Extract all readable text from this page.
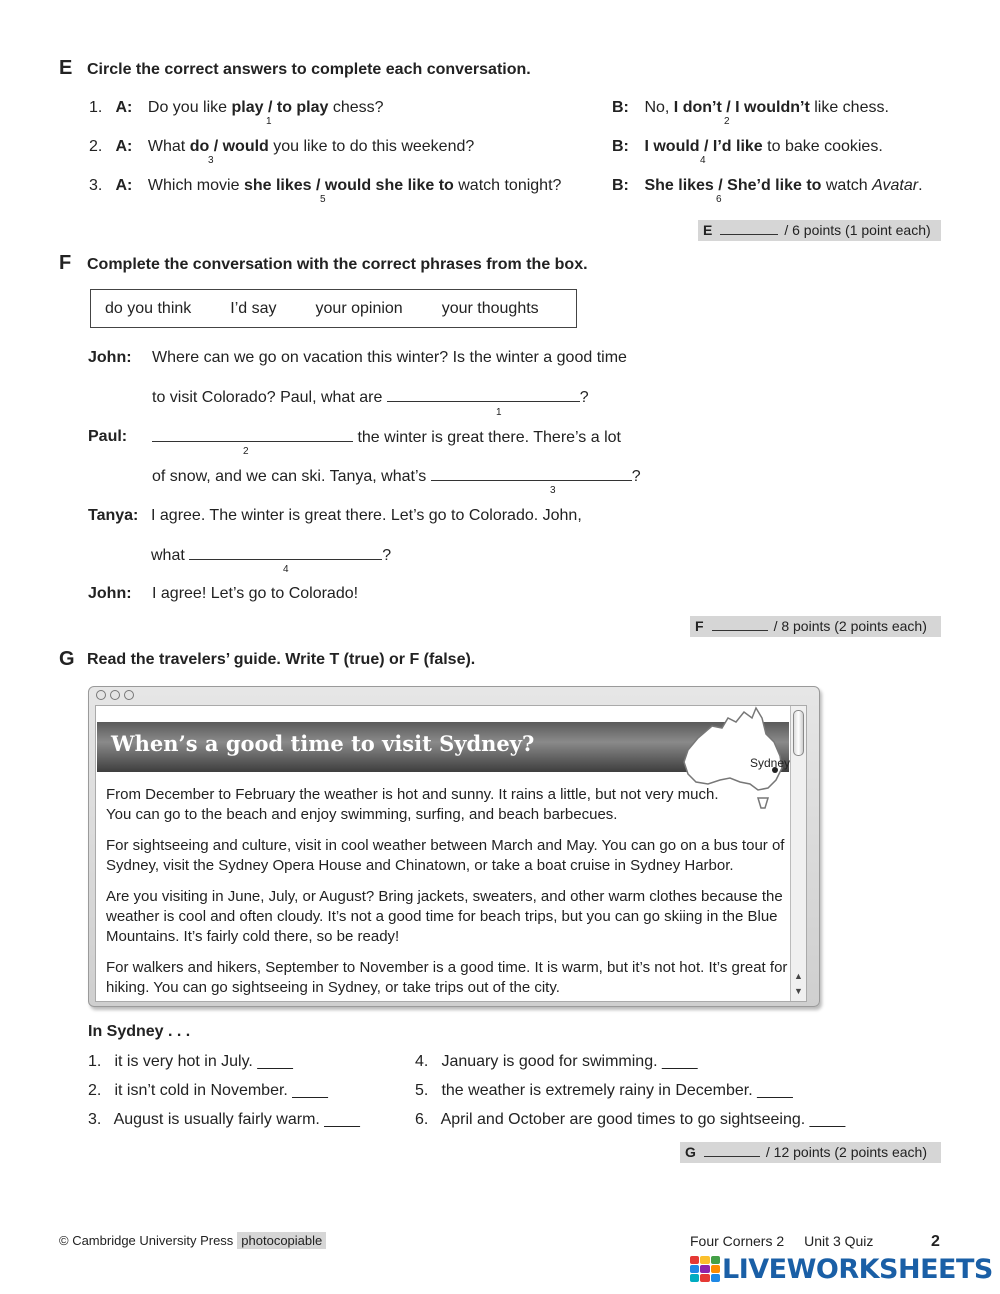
E Circle the correct answers to complete each conversation.
1. A: Do you like play / to play chess?
1
B: No, I don’t / I wouldn’t like chess.
2
2. A: What do / would you like to do this weekend?
3
B: I would / I’d like to bake cookies.
4
3. A: Which movie she likes / would she like to watch tonight?
5
B: She likes / She’d like to watch Avatar.
6
E	/ 6 points (1 point each)
F Complete the conversation with the correct phrases from the box.
do you think I’d say your opinion your thoughts
John: Where can we go on vacation this winter? Is the winter a good time
to visit Colorado? Paul, what are	?
1
Paul:	the winter is great there. There’s a lot
2
of snow, and we can ski. Tanya, what’s	?
3
Tanya: I agree. The winter is great there. Let’s go to Colorado. John,
what	?
4
John: I agree! Let’s go to Colorado!
F	/ 8 points (2 points each)
G Read the travelers’ guide. Write T (true) or F (false).
When’s a good time to visit Sydney?
Sydney
From December to February the weather is hot and sunny. It rains a little, but not very much.
You can go to the beach and enjoy swimming, surfing, and beach barbecues.
For sightseeing and culture, visit in cool weather between March and May. You can go on a bus tour of
Sydney, visit the Sydney Opera House and Chinatown, or take a boat cruise in Sydney Harbor.
Are you visiting in June, July, or August? Bring jackets, sweaters, and other warm clothes because the
weather is cool and often cloudy. It’s not a good time for beach trips, but you can go skiing in the Blue
Mountains. It’s fairly cold there, so be ready!
For walkers and hikers, September to November is a good time. It is warm, but it’s not hot. It’s great for
hiking. You can go sightseeing in Sydney, or take trips out of the city.
▲
▼
In Sydney . . .
1. it is very hot in July. ____
2. it isn’t cold in November. ____
3. August is usually fairly warm. ____
4. January is good for swimming. ____
5. the weather is extremely rainy in December. ____
6. April and October are good times to go sightseeing. ____
G	/ 12 points (2 points each)
© Cambridge University Press photocopiable	Four Corners 2 Unit 3 Quiz	2
LIVEWORKSHEETS
